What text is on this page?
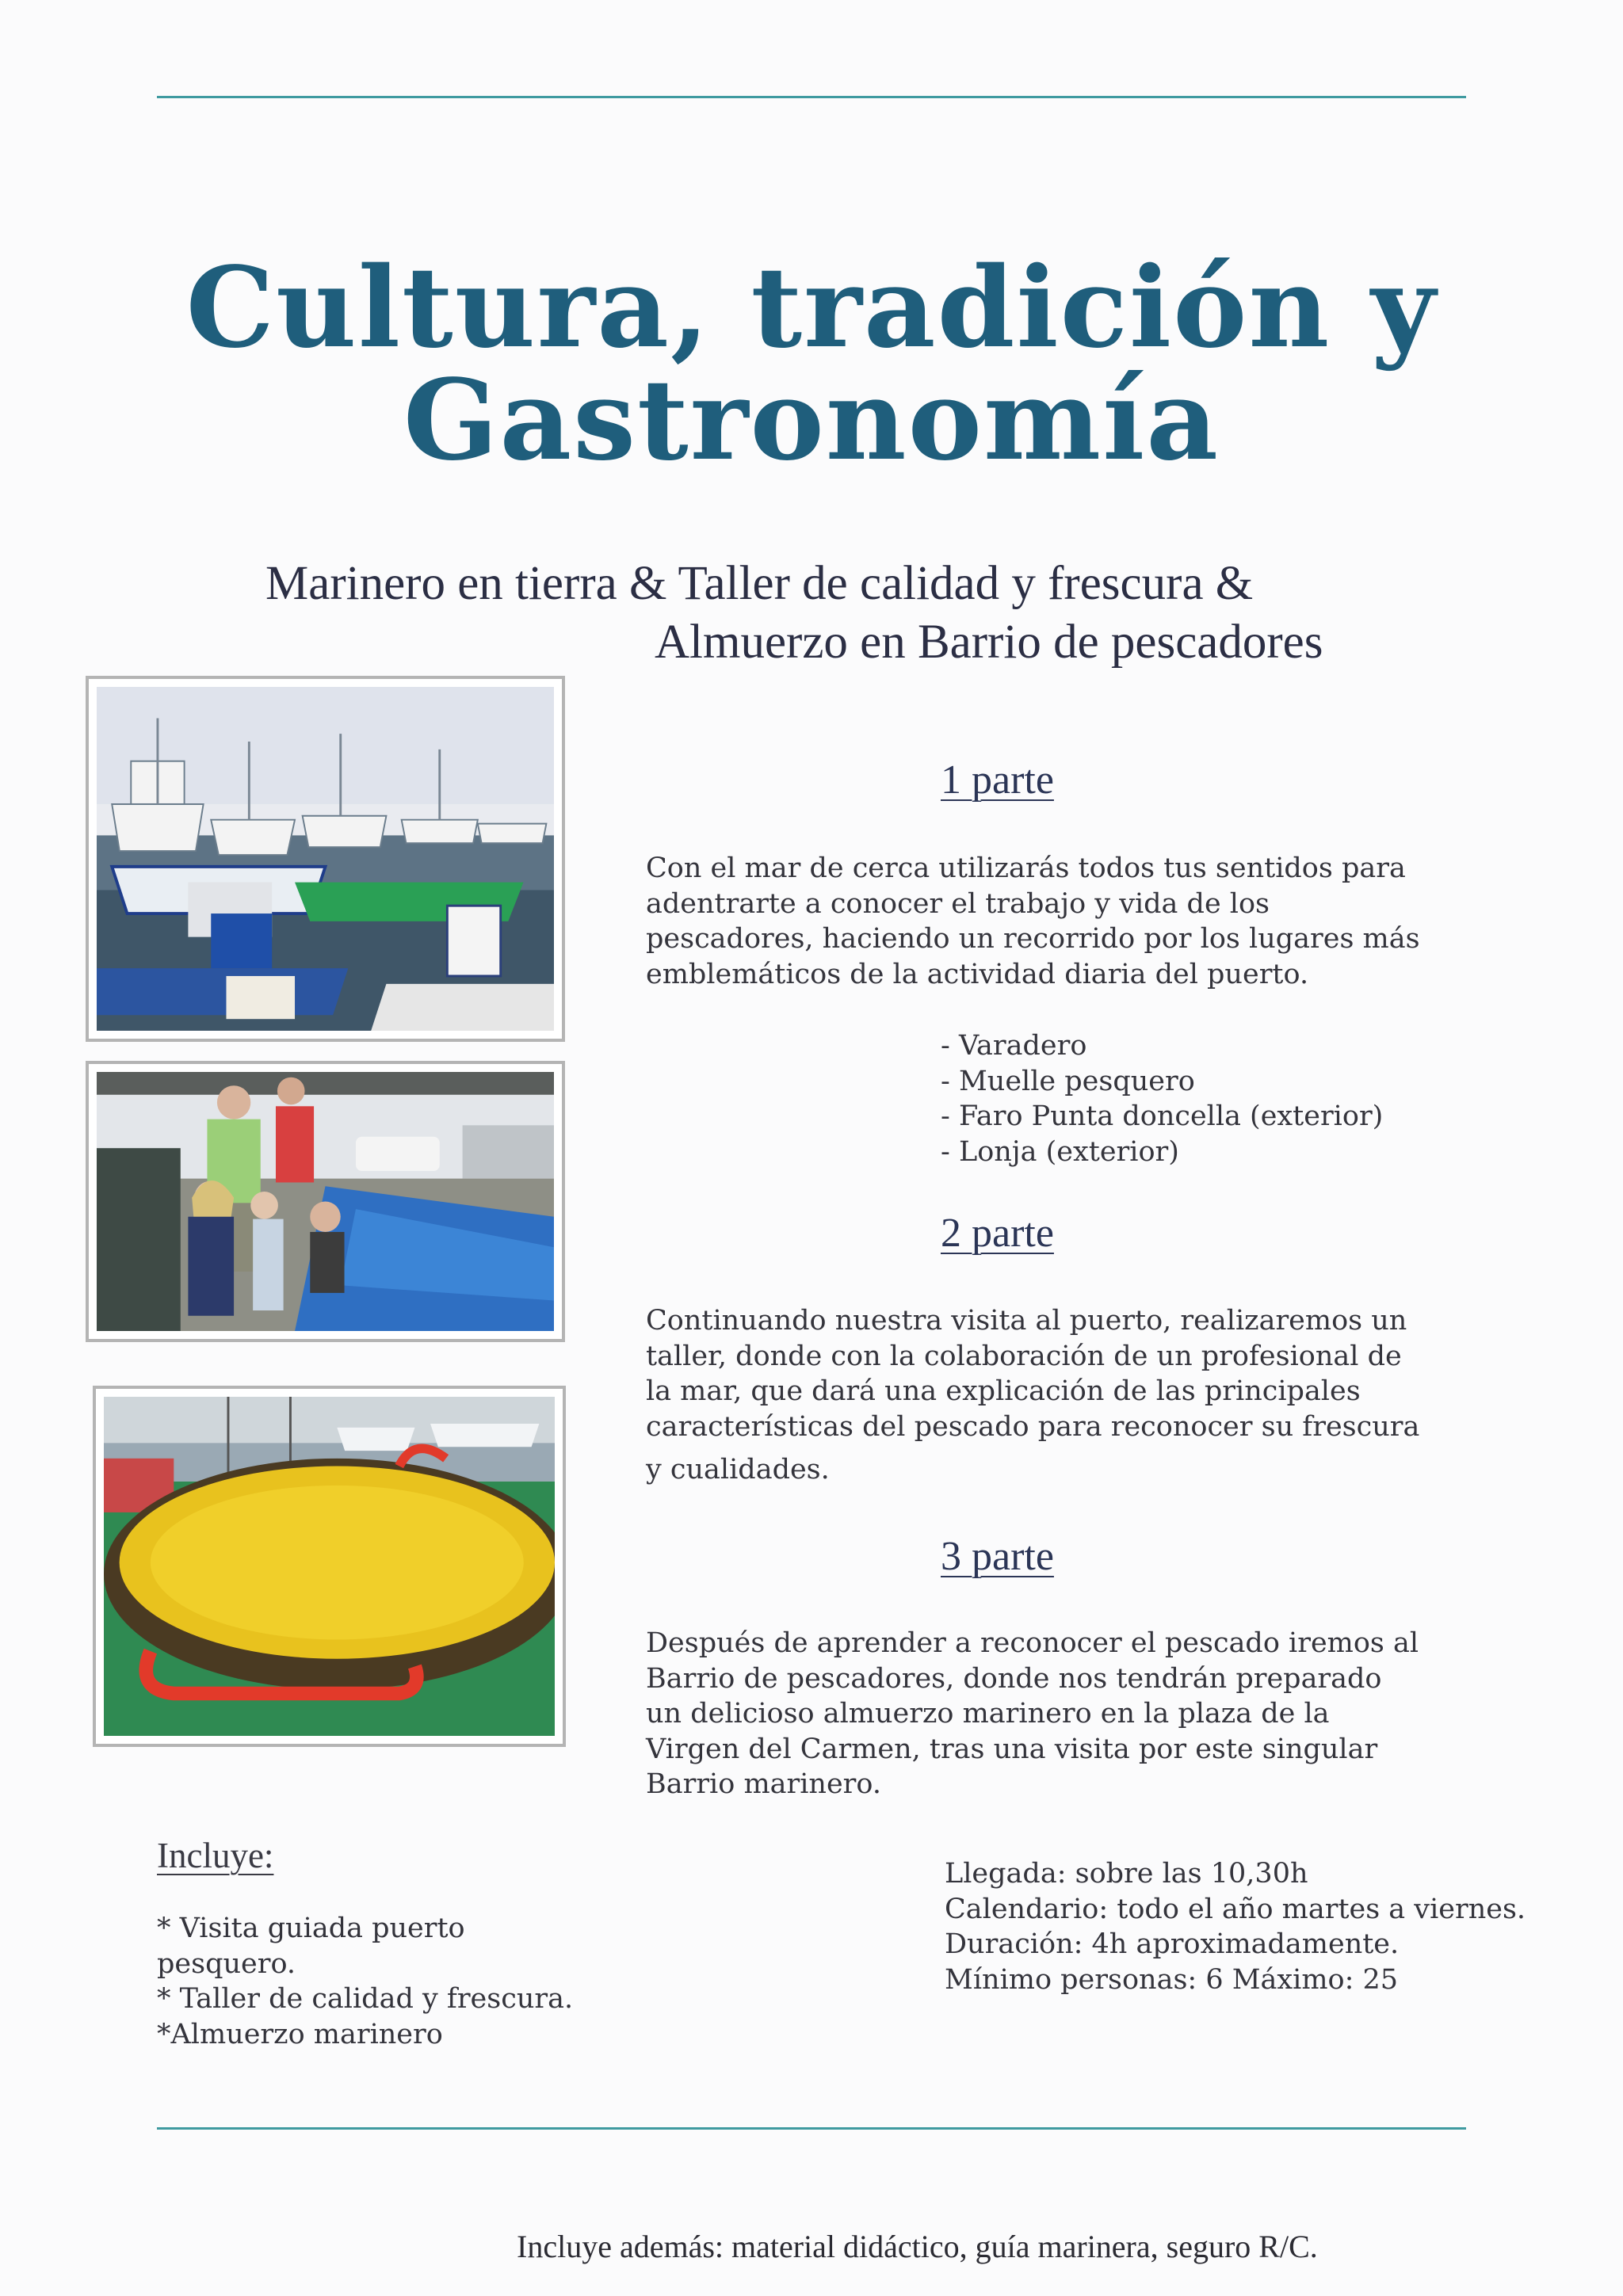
Cultura, tradición y
Gastronomía
Marinero en tierra & Taller de calidad y frescura &
Almuerzo en Barrio de pescadores
1 parte

Con el mar de cerca utilizarás todos tus sentidos para
adentrarte a conocer el trabajo y vida de los
pescadores, haciendo un recorrido por los lugares más
emblemáticos de la actividad diaria del puerto.

- Varadero
- Muelle pesquero
- Faro Punta doncella (exterior)
- Lonja (exterior)
2 parte

Continuando nuestra visita al puerto, realizaremos un
taller, donde con la colaboración de un profesional de
la mar, que dará una explicación de las principales
características del pescado para reconocer su frescura
y cualidades.

3 parte

Después de aprender a reconocer el pescado iremos al
Barrio de pescadores, donde nos tendrán preparado
un delicioso almuerzo marinero en la plaza de la
Virgen del Carmen, tras una visita por este singular
Barrio marinero.

Incluye:

* Visita guiada puerto
pesquero.
* Taller de calidad y frescura.
*Almuerzo marinero

Llegada: sobre las 10,30h
Calendario: todo el año martes a viernes.
Duración: 4h aproximadamente.
Mínimo personas: 6 Máximo: 25

Incluye además: material didáctico, guía marinera, seguro R/C.
